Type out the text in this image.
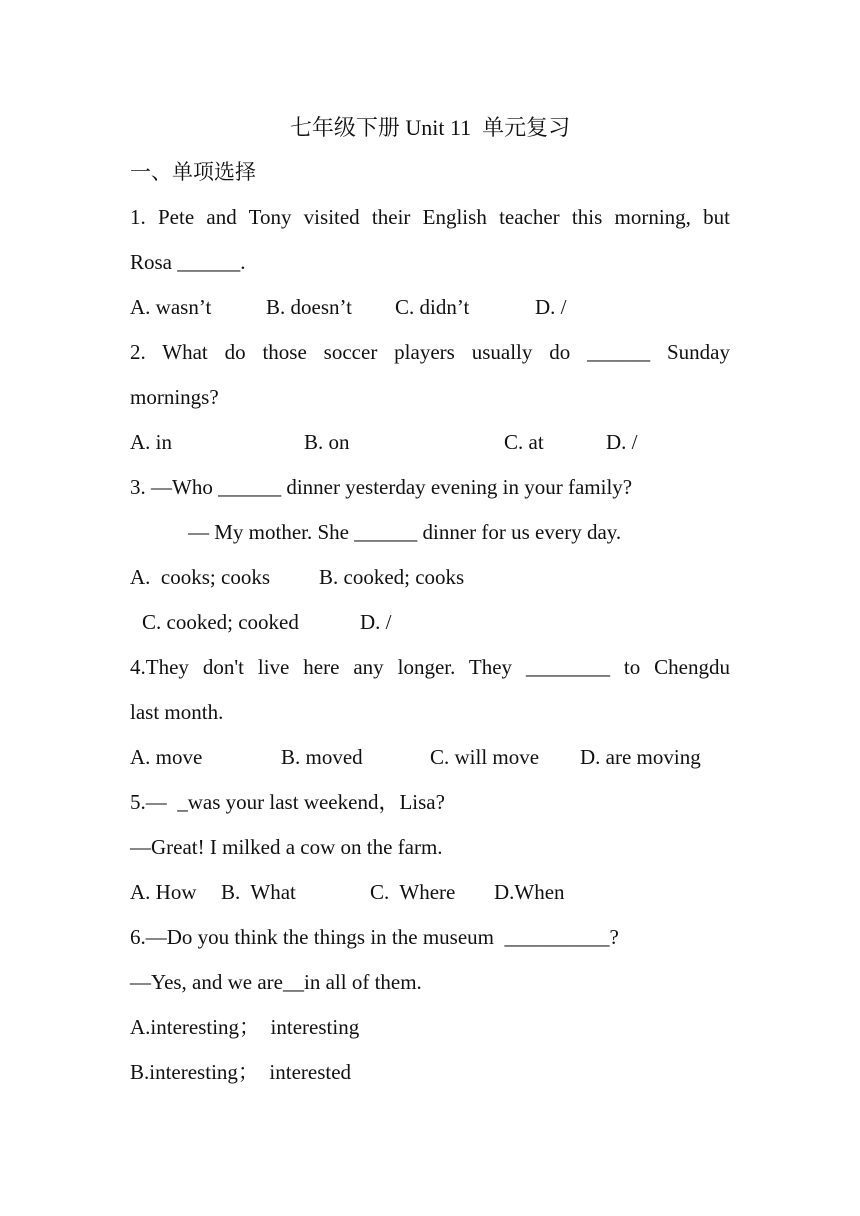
七年级下册 Unit 11  单元复习
一、单项选择
1. Pete and Tony visited their English teacher this morning, but
Rosa ______.
A. wasn’t	B. doesn’t C. didn’t	D. /
2. What do those soccer players usually do ______ Sunday
mornings?
A. in	B. on	C. at	D. /
3. —Who ______ dinner yesterday evening in your family?
— My mother. She ______ dinner for us every day.
A.  cooks; cooks B. cooked; cooks
C. cooked; cooked	D. /
4.They don't live here any longer. They ________ to Chengdu
last month.
A. move	B. moved	C. will move D. are moving
5.—  _was your last weekend，Lisa?
—Great! I milked a cow on the farm.
A. How B.  What	C.  Where D.When
6.—Do you think the things in the museum  __________?
—Yes, and we are__in all of them.
A.interesting；  interesting
B.interesting；  interested
